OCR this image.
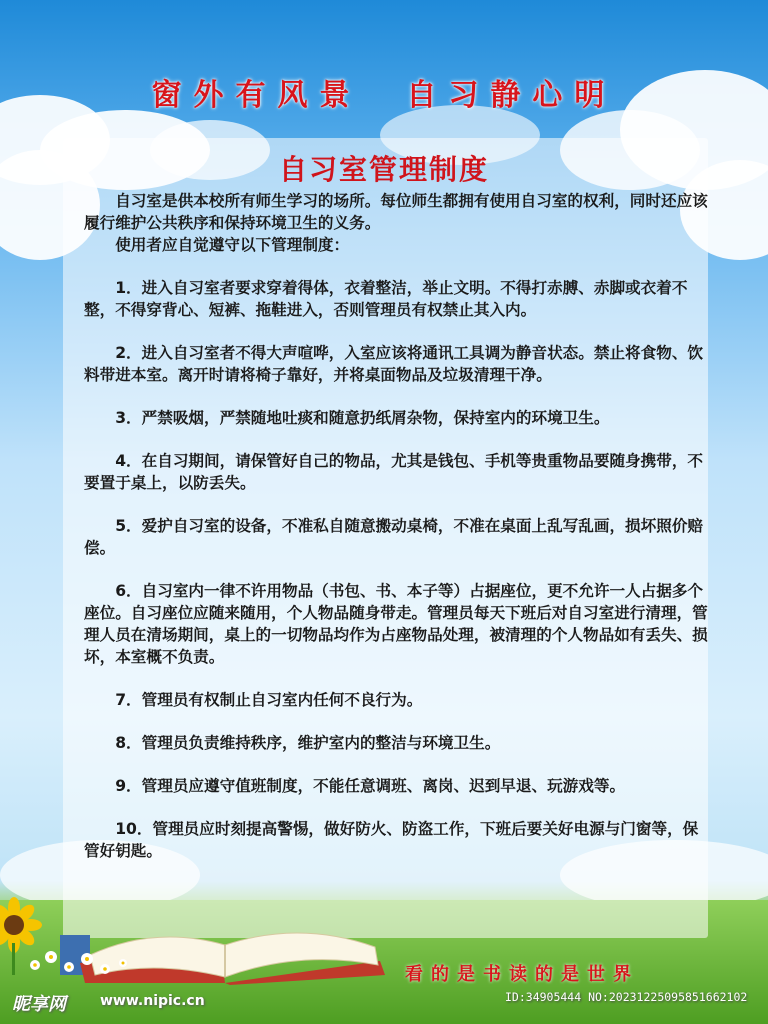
窗外有风景  自习静心明
自习室管理制度

自习室是供本校所有师生学习的场所。每位师生都拥有使用自习室的权利，同时还应该履行维护公共秩序和保持环境卫生的义务。

使用者应自觉遵守以下管理制度：

1．进入自习室者要求穿着得体，衣着整洁，举止文明。不得打赤膊、赤脚或衣着不整，不得穿背心、短裤、拖鞋进入，否则管理员有权禁止其入内。

2．进入自习室者不得大声喧哗，入室应该将通讯工具调为静音状态。禁止将食物、饮料带进本室。离开时请将椅子靠好，并将桌面物品及垃圾清理干净。

3．严禁吸烟，严禁随地吐痰和随意扔纸屑杂物，保持室内的环境卫生。

4．在自习期间，请保管好自己的物品，尤其是钱包、手机等贵重物品要随身携带，不要置于桌上，以防丢失。

5．爱护自习室的设备，不准私自随意搬动桌椅，不准在桌面上乱写乱画，损坏照价赔偿。

6．自习室内一律不许用物品（书包、书、本子等）占据座位，更不允许一人占据多个座位。自习座位应随来随用，个人物品随身带走。管理员每天下班后对自习室进行清理，管理人员在清场期间，桌上的一切物品均作为占座物品处理，被清理的个人物品如有丢失、损坏，本室概不负责。

7．管理员有权制止自习室内任何不良行为。

8．管理员负责维持秩序，维护室内的整洁与环境卫生。

9．管理员应遵守值班制度，不能任意调班、离岗、迟到早退、玩游戏等。

10．管理员应时刻提高警惕，做好防火、防盗工作，下班后要关好电源与门窗等，保管好钥匙。

看的是书读的是世界
昵享网 www.nipic.cn	ID:34905444 NO:20231225095851662102
